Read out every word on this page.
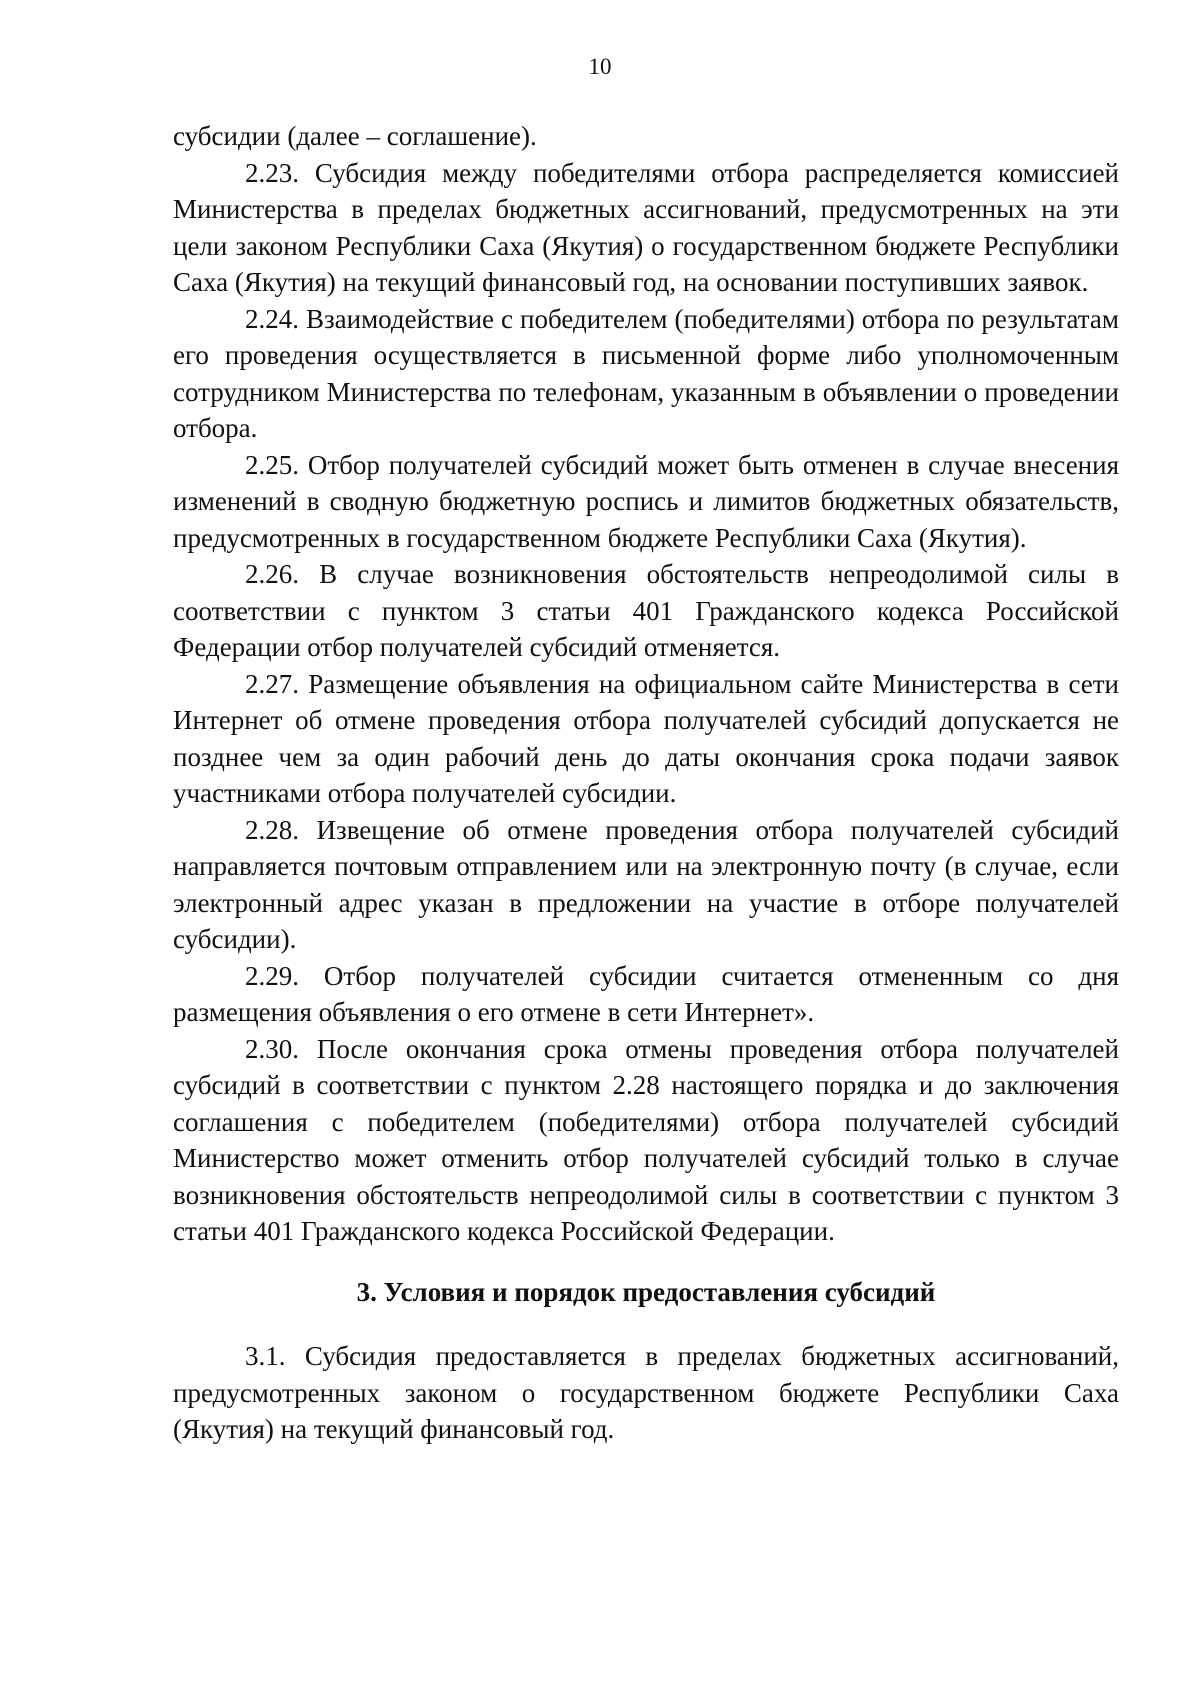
10

субсидии (далее – соглашение).

2.23. Субсидия между победителями отбора распределяется комиссией Министерства в пределах бюджетных ассигнований, предусмотренных на эти цели законом Республики Саха (Якутия) о государственном бюджете Республики Саха (Якутия) на текущий финансовый год, на основании поступивших заявок.

2.24. Взаимодействие с победителем (победителями) отбора по результатам его проведения осуществляется в письменной форме либо уполномоченным сотрудником Министерства по телефонам, указанным в объявлении о проведении отбора.

2.25. Отбор получателей субсидий может быть отменен в случае внесения изменений в сводную бюджетную роспись и лимитов бюджетных обязательств, предусмотренных в государственном бюджете Республики Саха (Якутия).

2.26. В случае возникновения обстоятельств непреодолимой силы в соответствии с пунктом 3 статьи 401 Гражданского кодекса Российской Федерации отбор получателей субсидий отменяется.

2.27. Размещение объявления на официальном сайте Министерства в сети Интернет об отмене проведения отбора получателей субсидий допускается не позднее чем за один рабочий день до даты окончания срока подачи заявок участниками отбора получателей субсидии.

2.28. Извещение об отмене проведения отбора получателей субсидий направляется почтовым отправлением или на электронную почту (в случае, если электронный адрес указан в предложении на участие в отборе получателей субсидии).

2.29. Отбор получателей субсидии считается отмененным со дня размещения объявления о его отмене в сети Интернет».

2.30. После окончания срока отмены проведения отбора получателей субсидий в соответствии с пунктом 2.28 настоящего порядка и до заключения соглашения с победителем (победителями) отбора получателей субсидий Министерство может отменить отбор получателей субсидий только в случае возникновения обстоятельств непреодолимой силы в соответствии с пунктом 3 статьи 401 Гражданского кодекса Российской Федерации.

3. Условия и порядок предоставления субсидий

3.1. Субсидия предоставляется в пределах бюджетных ассигнований, предусмотренных законом о государственном бюджете Республики Саха (Якутия) на текущий финансовый год.
